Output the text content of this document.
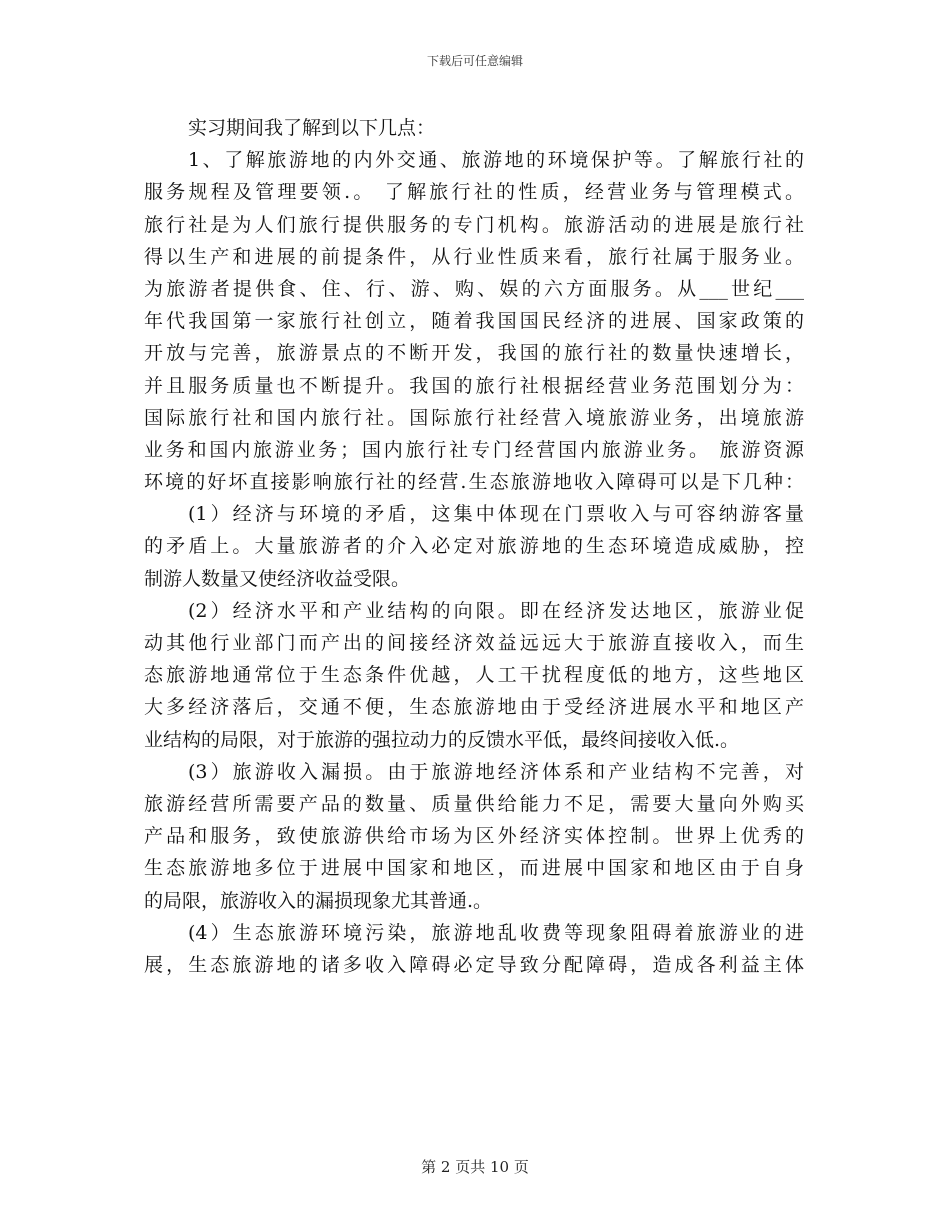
下载后可任意编辑
实习期间我了解到以下几点：
1、了解旅游地的内外交通、旅游地的环境保护等。了解旅行社的
服务规程及管理要领.。 了解旅行社的性质，经营业务与管理模式。
旅行社是为人们旅行提供服务的专门机构。旅游活动的进展是旅行社
得以生产和进展的前提条件，从行业性质来看，旅行社属于服务业。
为旅游者提供食、住、行、游、购、娱的六方面服务。从___世纪___
年代我国第一家旅行社创立，随着我国国民经济的进展、国家政策的
开放与完善，旅游景点的不断开发，我国的旅行社的数量快速增长，
并且服务质量也不断提升。我国的旅行社根据经营业务范围划分为：
国际旅行社和国内旅行社。国际旅行社经营入境旅游业务，出境旅游
业务和国内旅游业务；国内旅行社专门经营国内旅游业务。 旅游资源
环境的好坏直接影响旅行社的经营.生态旅游地收入障碍可以是下几种：
(1）经济与环境的矛盾，这集中体现在门票收入与可容纳游客量
的矛盾上。大量旅游者的介入必定对旅游地的生态环境造成威胁，控
制游人数量又使经济收益受限。
(2）经济水平和产业结构的向限。即在经济发达地区，旅游业促
动其他行业部门而产出的间接经济效益远远大于旅游直接收入，而生
态旅游地通常位于生态条件优越，人工干扰程度低的地方，这些地区
大多经济落后，交通不便，生态旅游地由于受经济进展水平和地区产
业结构的局限，对于旅游的强拉动力的反馈水平低，最终间接收入低.。
(3）旅游收入漏损。由于旅游地经济体系和产业结构不完善，对
旅游经营所需要产品的数量、质量供给能力不足，需要大量向外购买
产品和服务，致使旅游供给市场为区外经济实体控制。世界上优秀的
生态旅游地多位于进展中国家和地区，而进展中国家和地区由于自身
的局限，旅游收入的漏损现象尤其普通.。
(4）生态旅游环境污染，旅游地乱收费等现象阻碍着旅游业的进
展，生态旅游地的诸多收入障碍必定导致分配障碍，造成各利益主体
第 2 页共 10 页
